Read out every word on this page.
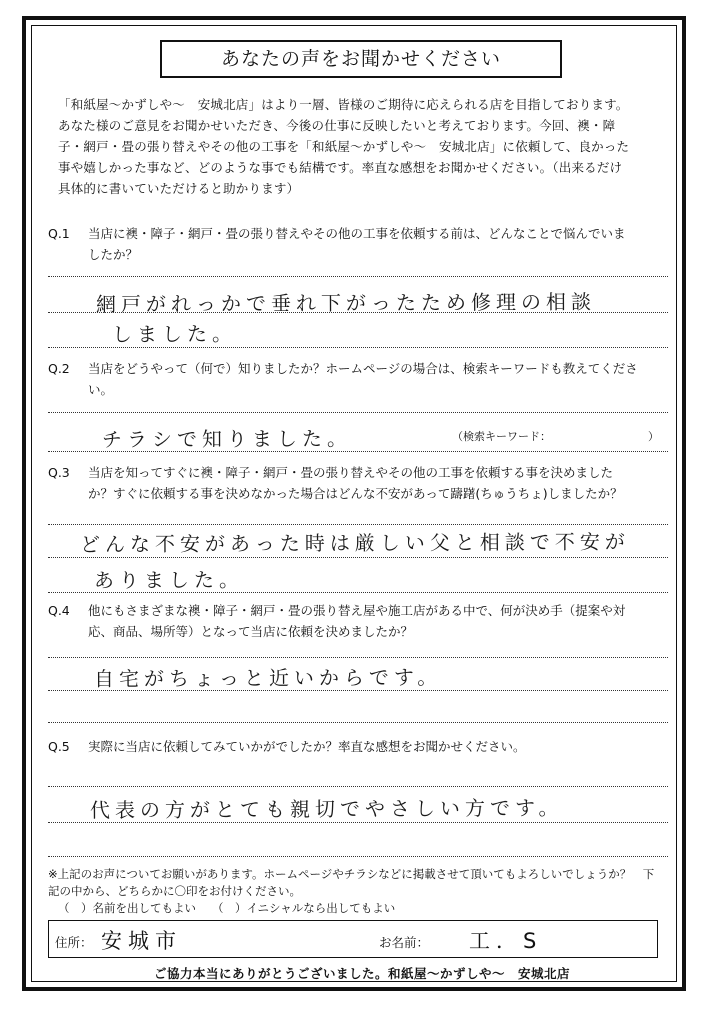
あなたの声をお聞かせください
「和紙屋～かずしや～　安城北店」はより一層、皆様のご期待に応えられる店を目指しております。
あなた様のご意見をお聞かせいただき、今後の仕事に反映したいと考えております。今回、襖・障
子・網戸・畳の張り替えやその他の工事を「和紙屋～かずしや～　安城北店」に依頼して、良かった
事や嬉しかった事など、どのような事でも結構です。率直な感想をお聞かせください。（出来るだけ
具体的に書いていただけると助かります）
Q.1	当店に襖・障子・網戸・畳の張り替えやその他の工事を依頼する前は、どんなことで悩んでいま
したか？
網戸がれっかで垂れ下がったため修理の相談
しました。
Q.2	当店をどうやって（何で）知りましたか？ホームページの場合は、検索キーワードも教えてくださ
い。
チラシで知りました。	（検索キーワード：	）
Q.3	当店を知ってすぐに襖・障子・網戸・畳の張り替えやその他の工事を依頼する事を決めました
か？すぐに依頼する事を決めなかった場合はどんな不安があって躊躇(ちゅうちょ)しましたか？
どんな不安があった時は厳しい父と相談で不安が
ありました。
Q.4	他にもさまざまな襖・障子・網戸・畳の張り替え屋や施工店がある中で、何が決め手（提案や対
応、商品、場所等）となって当店に依頼を決めましたか？
自宅がちょっと近いからです。
Q.5	実際に当店に依頼してみていかがでしたか？率直な感想をお聞かせください。
代表の方がとても親切でやさしい方です。
※上記のお声についてお願いがあります。ホームページやチラシなどに掲載させて頂いてもよろしいでしょうか？　下
記の中から、どちらかに〇印をお付けください。
（　）名前を出してもよい （　）イニシャルなら出してもよい
住所： 安城市	お名前： 工．S
ご協力本当にありがとうございました。和紙屋～かずしや～　安城北店
